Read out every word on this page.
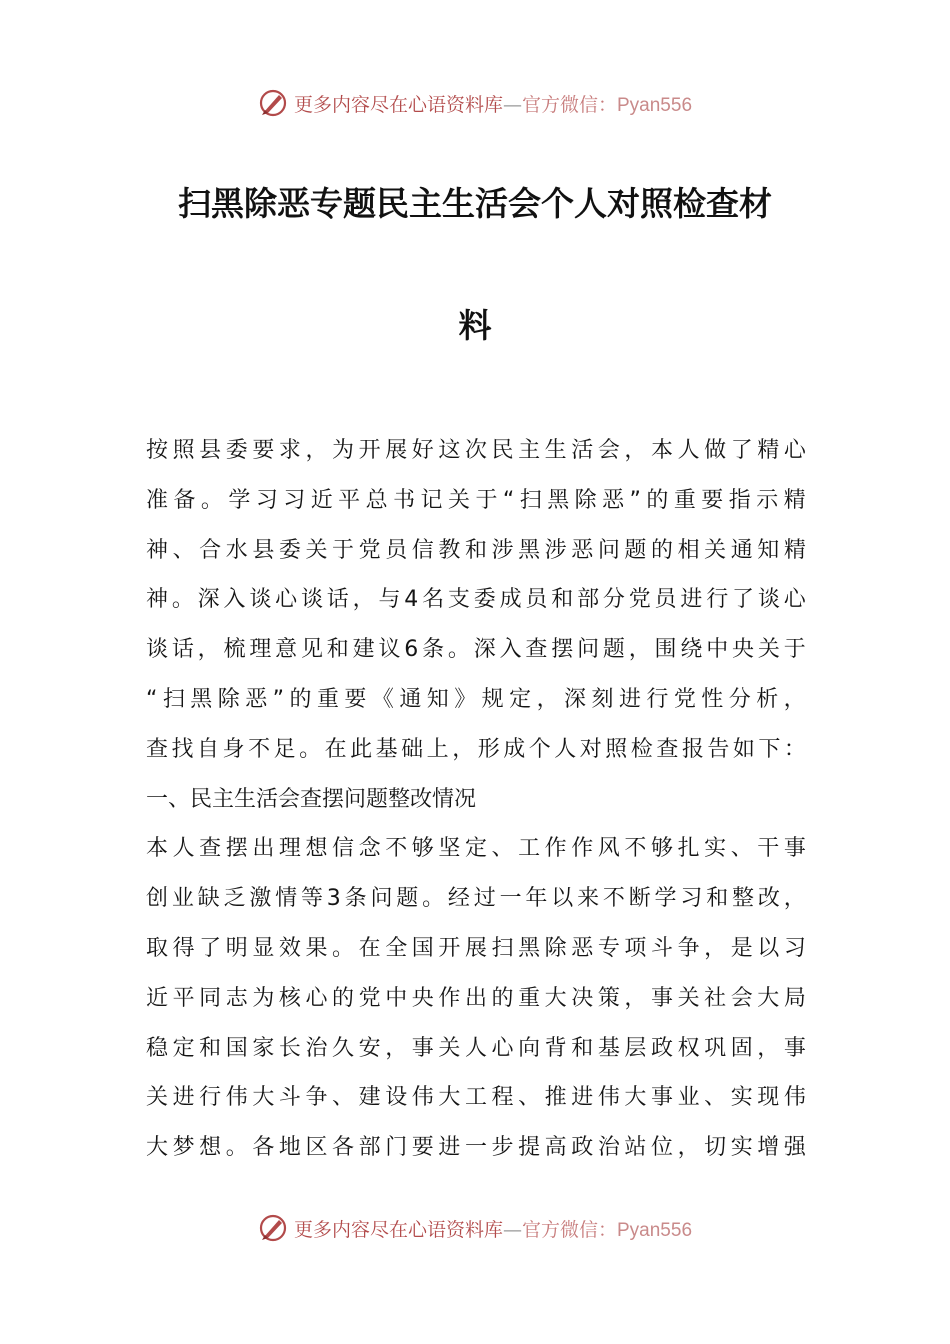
更多内容尽在心语资料库—官方微信：Pyan556
扫黑除恶专题民主生活会个人对照检查材
料
按 照 县 委 要 求 ， 为 开 展 好 这 次 民 主 生 活 会 ， 本 人 做 了 精 心
准 备 。 学 习 习 近 平 总 书 记 关 于 “ 扫 黑 除 恶 ” 的 重 要 指 示 精
神 、 合 水 县 委 关 于 党 员 信 教 和 涉 黑 涉 恶 问 题 的 相 关 通 知 精
神 。 深 入 谈 心 谈 话 ， 与 4 名 支 委 成 员 和 部 分 党 员 进 行 了 谈 心
谈 话 ， 梳 理 意 见 和 建 议 6 条 。 深 入 查 摆 问 题 ， 围 绕 中 央 关 于
“ 扫 黑 除 恶 ” 的 重 要 《 通 知 》 规 定 ， 深 刻 进 行 党 性 分 析 ，
查 找 自 身 不 足 。 在 此 基 础 上 ， 形 成 个 人 对 照 检 查 报 告 如 下 ：
一、民主生活会查摆问题整改情况
本 人 查 摆 出 理 想 信 念 不 够 坚 定 、 工 作 作 风 不 够 扎 实 、 干 事
创 业 缺 乏 激 情 等 3 条 问 题 。 经 过 一 年 以 来 不 断 学 习 和 整 改 ，
取 得 了 明 显 效 果 。 在 全 国 开 展 扫 黑 除 恶 专 项 斗 争 ， 是 以 习
近 平 同 志 为 核 心 的 党 中 央 作 出 的 重 大 决 策 ， 事 关 社 会 大 局
稳 定 和 国 家 长 治 久 安 ， 事 关 人 心 向 背 和 基 层 政 权 巩 固 ， 事
关 进 行 伟 大 斗 争 、 建 设 伟 大 工 程 、 推 进 伟 大 事 业 、 实 现 伟
大 梦 想 。 各 地 区 各 部 门 要 进 一 步 提 高 政 治 站 位 ， 切 实 增 强
更多内容尽在心语资料库—官方微信：Pyan556
